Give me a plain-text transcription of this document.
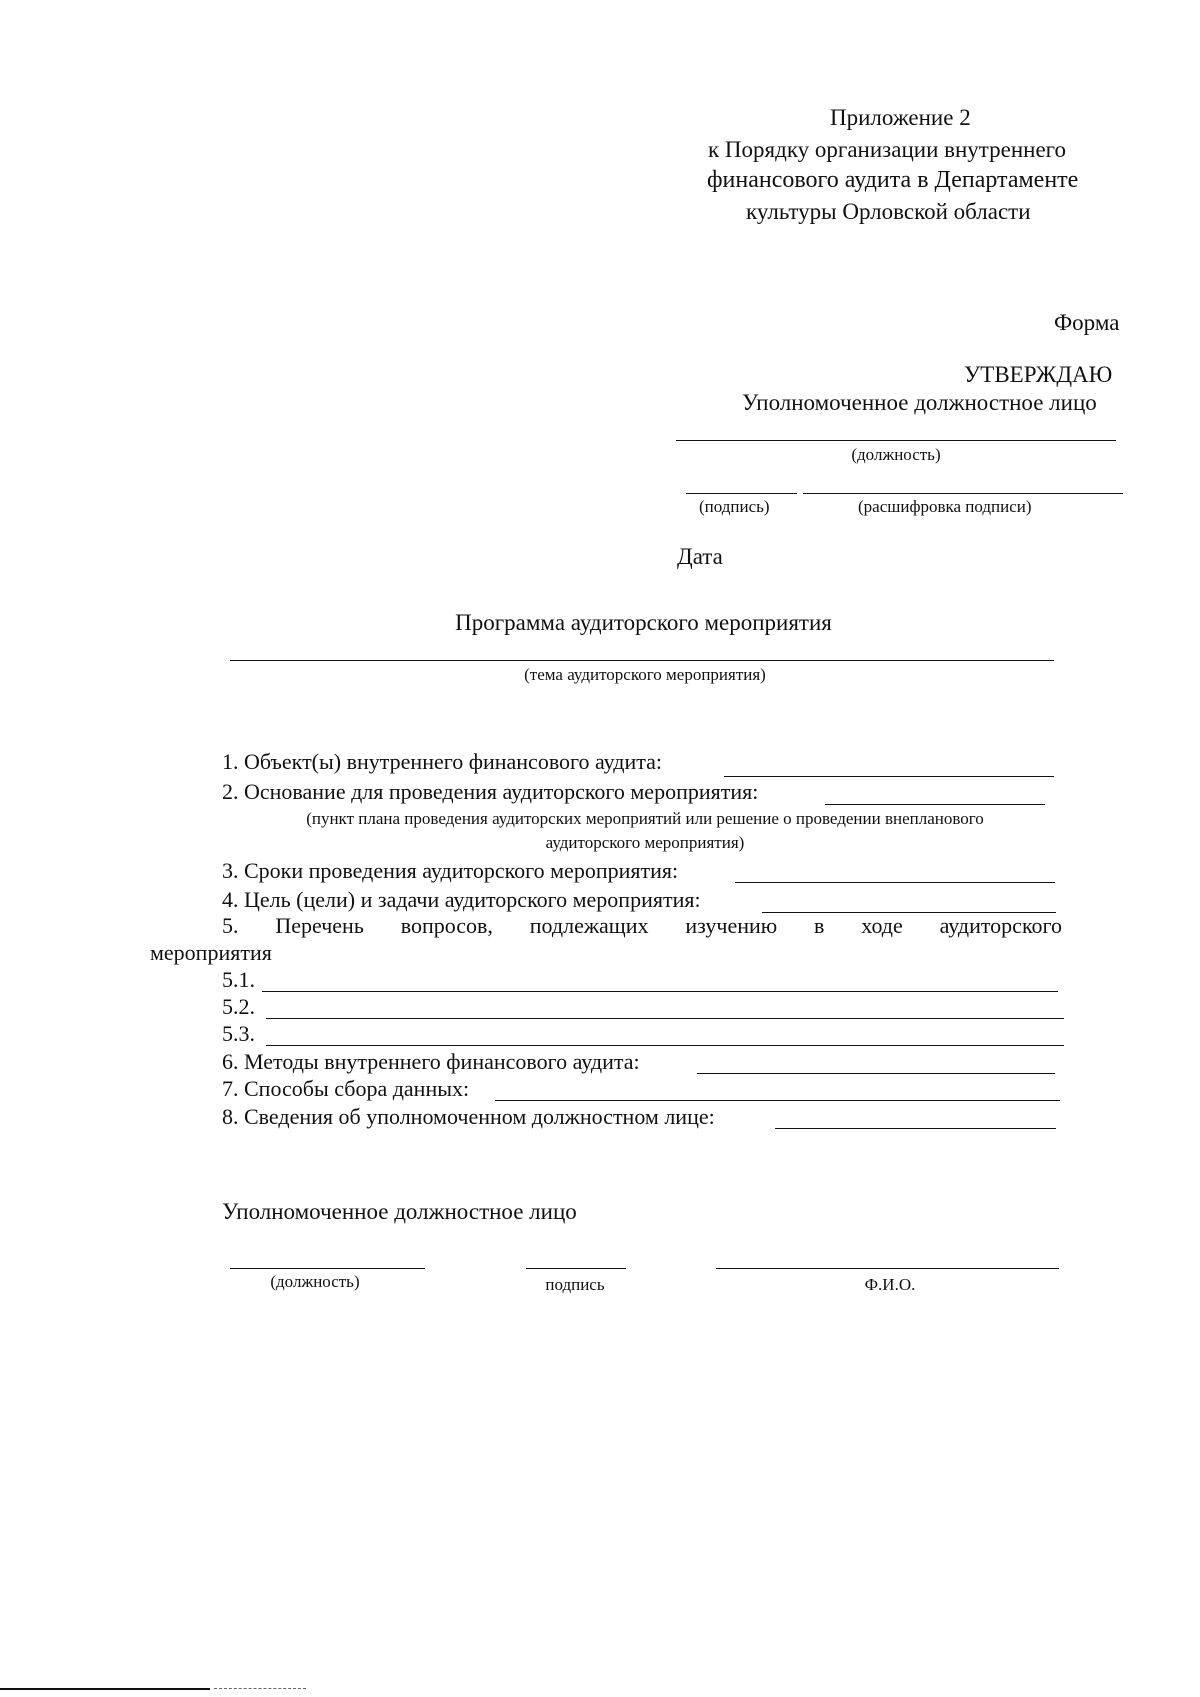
Приложение 2
к Порядку организации внутреннего
финансового аудита в Департаменте
культуры Орловской области
Форма
УТВЕРЖДАЮ
Уполномоченное должностное лицо
(должность)
(подпись)	(расшифровка подписи)
Дата
Программа аудиторского мероприятия
(тема аудиторского мероприятия)
1. Объект(ы) внутреннего финансового аудита:
2. Основание для проведения аудиторского мероприятия:
(пункт плана проведения аудиторских мероприятий или решение о проведении внепланового
аудиторского мероприятия)
3. Сроки проведения аудиторского мероприятия:
4. Цель (цели) и задачи аудиторского мероприятия:
5. Перечень вопросов, подлежащих изучению в ходе аудиторского
мероприятия
5.1.
5.2.
5.3.
6. Методы внутреннего финансового аудита:
7. Способы сбора данных:
8. Сведения об уполномоченном должностном лице:
Уполномоченное должностное лицо
(должность)	подпись	Ф.И.О.
